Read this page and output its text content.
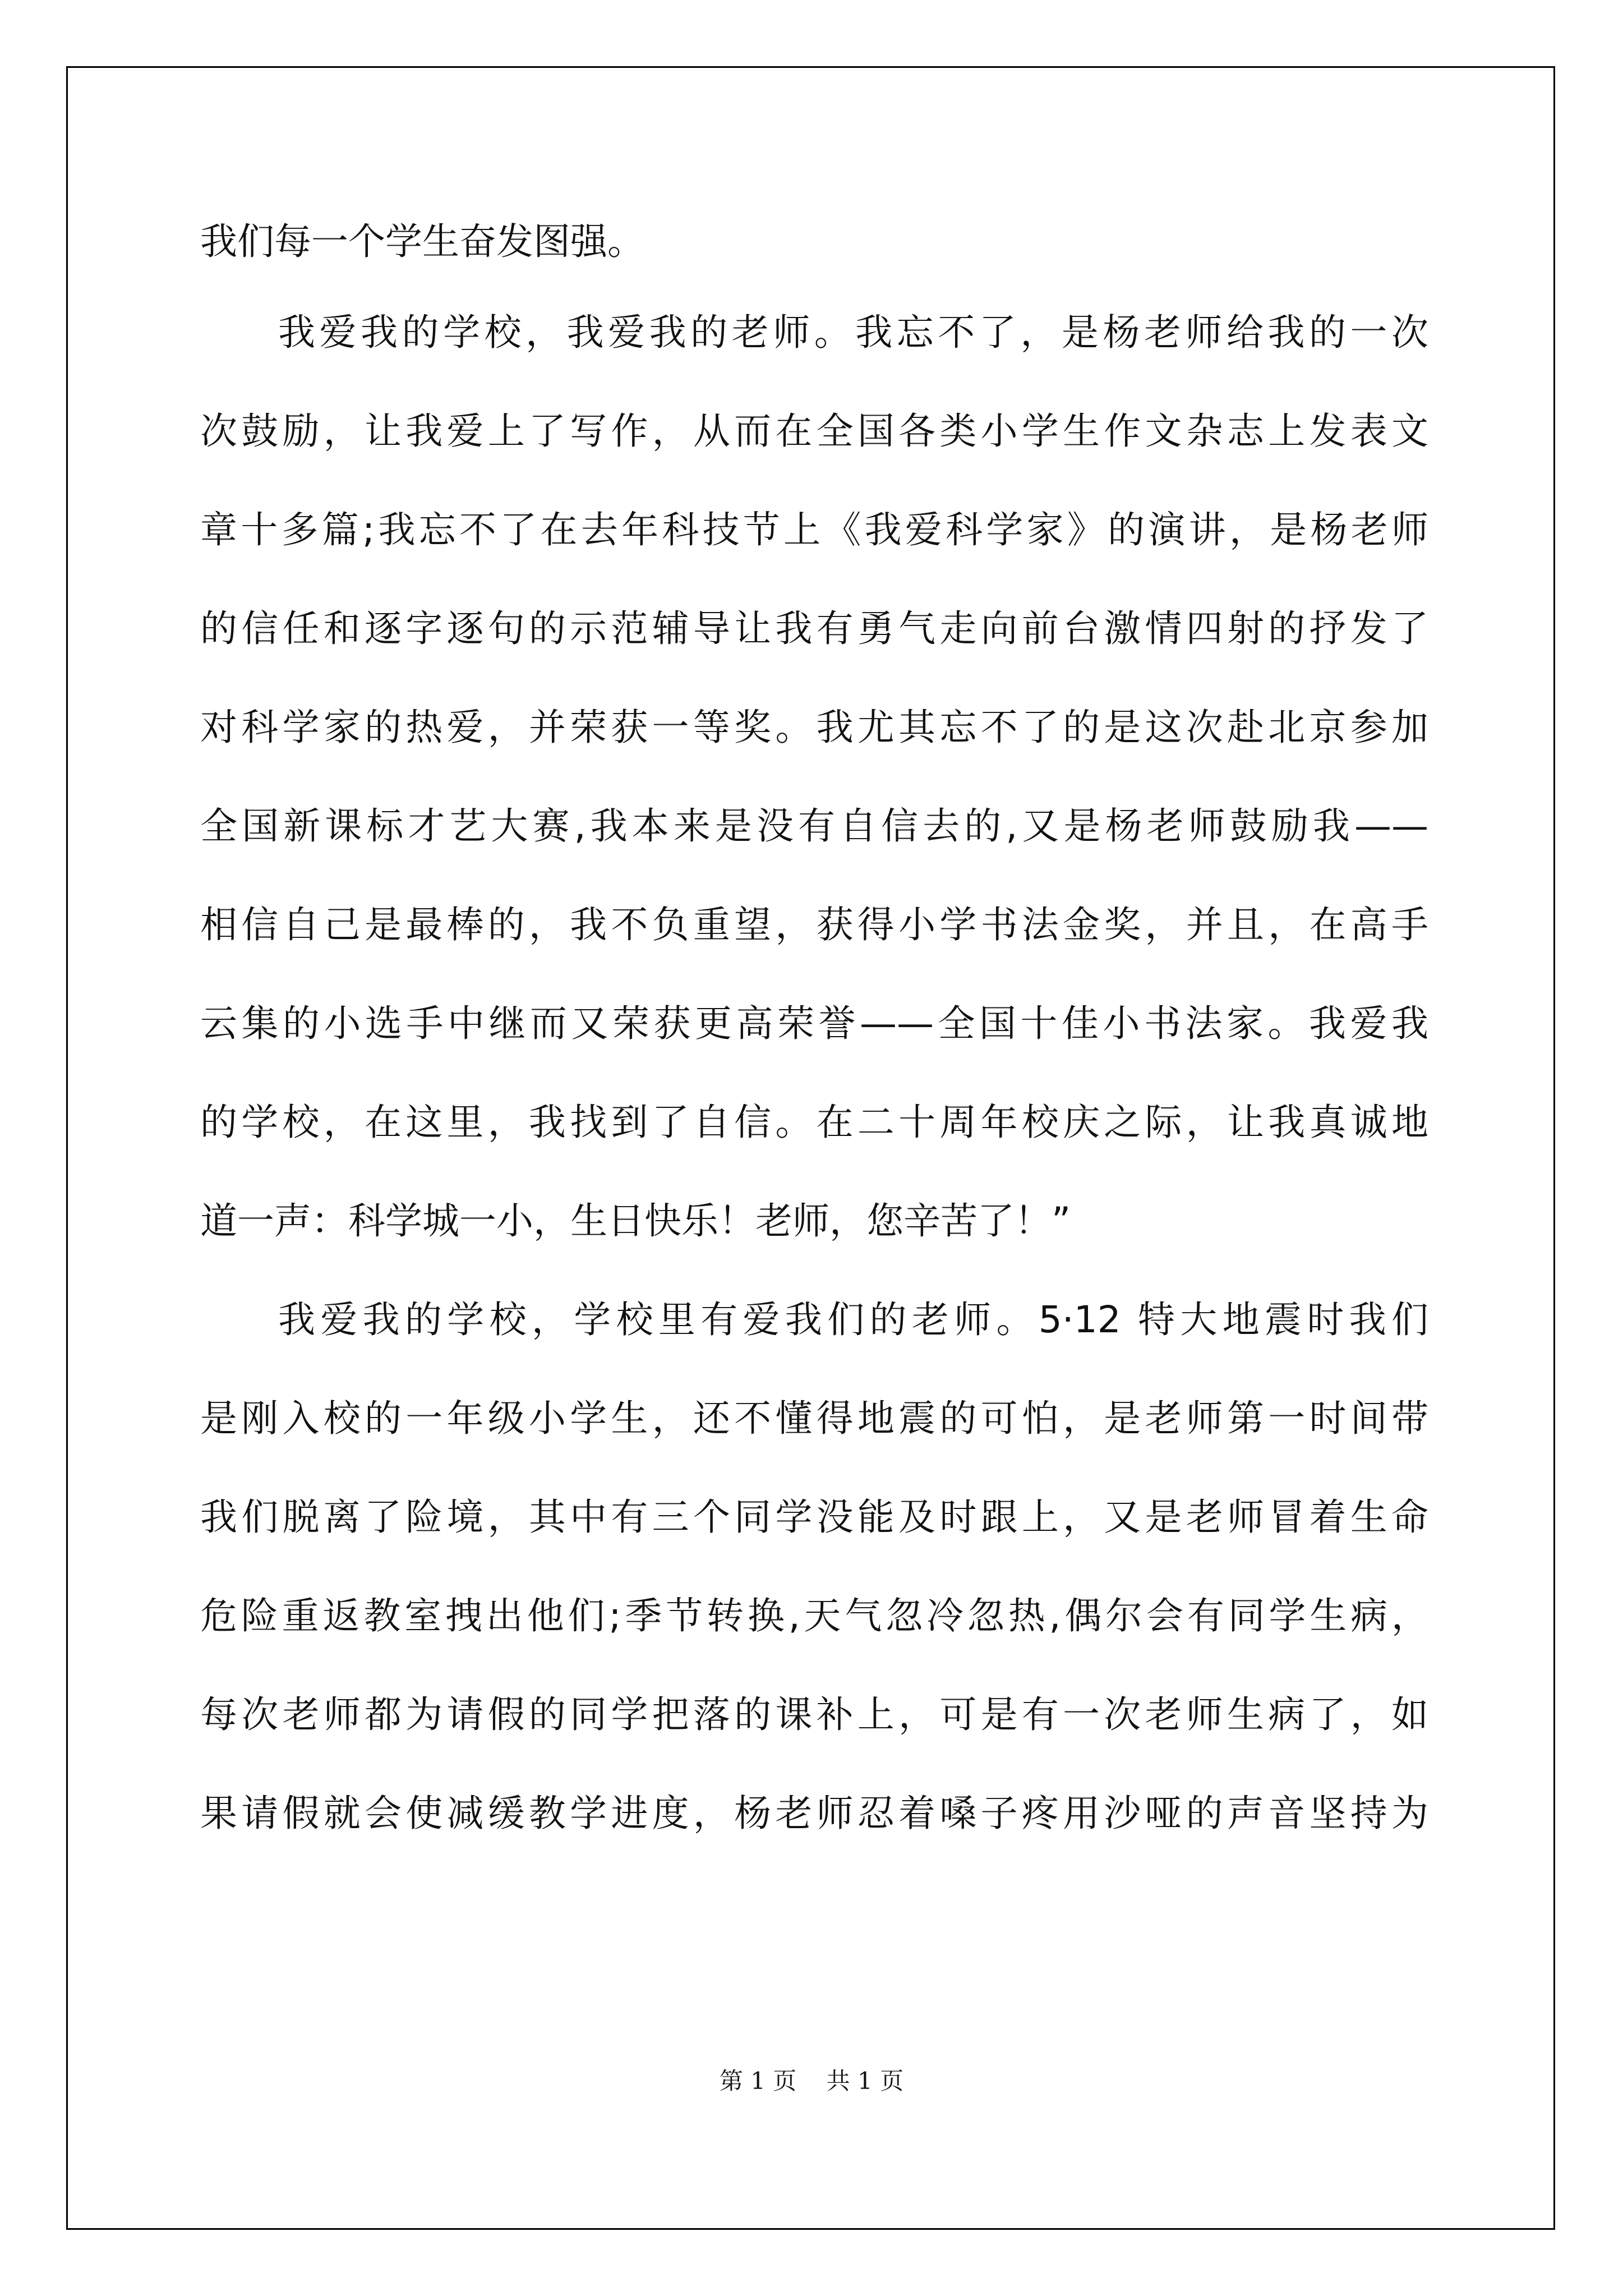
我们每一个学生奋发图强。

我爱我的学校，我爱我的老师。我忘不了，是杨老师给我的一次

次鼓励，让我爱上了写作，从而在全国各类小学生作文杂志上发表文

章十多篇;我忘不了在去年科技节上《我爱科学家》的演讲，是杨老师

的信任和逐字逐句的示范辅导让我有勇气走向前台激情四射的抒发了

对科学家的热爱，并荣获一等奖。我尤其忘不了的是这次赴北京参加

全国新课标才艺大赛,我本来是没有自信去的,又是杨老师鼓励我——

相信自己是最棒的，我不负重望，获得小学书法金奖，并且，在高手

云集的小选手中继而又荣获更高荣誉——全国十佳小书法家。我爱我

的学校，在这里，我找到了自信。在二十周年校庆之际，让我真诚地

道一声：科学城一小，生日快乐！老师，您辛苦了！”

我爱我的学校，学校里有爱我们的老师。5·12 特大地震时我们

是刚入校的一年级小学生，还不懂得地震的可怕，是老师第一时间带

我们脱离了险境，其中有三个同学没能及时跟上，又是老师冒着生命

危险重返教室拽出他们;季节转换,天气忽冷忽热,偶尔会有同学生病，

每次老师都为请假的同学把落的课补上，可是有一次老师生病了，如

果请假就会使减缓教学进度，杨老师忍着嗓子疼用沙哑的声音坚持为

第 1 页 共 1 页
